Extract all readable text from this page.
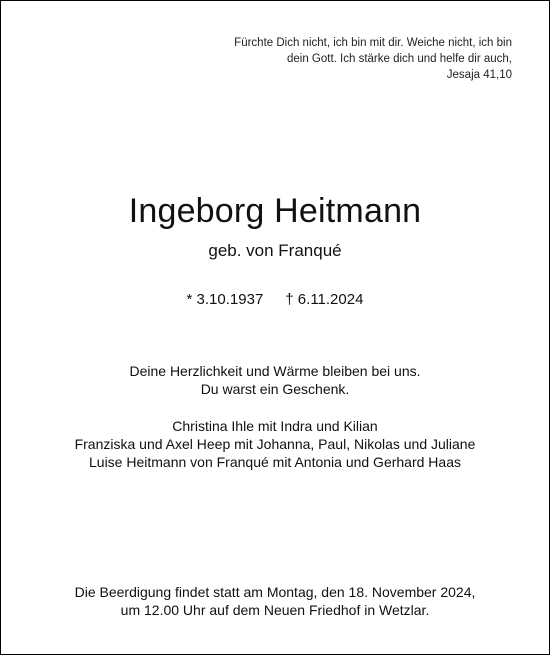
Fürchte Dich nicht, ich bin mit dir. Weiche nicht, ich bin
dein Gott. Ich stärke dich und helfe dir auch,
Jesaja 41,10
Ingeborg Heitmann
geb. von Franqué
* 3.10.1937 † 6.11.2024
Deine Herzlichkeit und Wärme bleiben bei uns.
Du warst ein Geschenk.
Christina Ihle mit Indra und Kilian
Franziska und Axel Heep mit Johanna, Paul, Nikolas und Juliane
Luise Heitmann von Franqué mit Antonia und Gerhard Haas
Die Beerdigung findet statt am Montag, den 18. November 2024,
um 12.00 Uhr auf dem Neuen Friedhof in Wetzlar.
